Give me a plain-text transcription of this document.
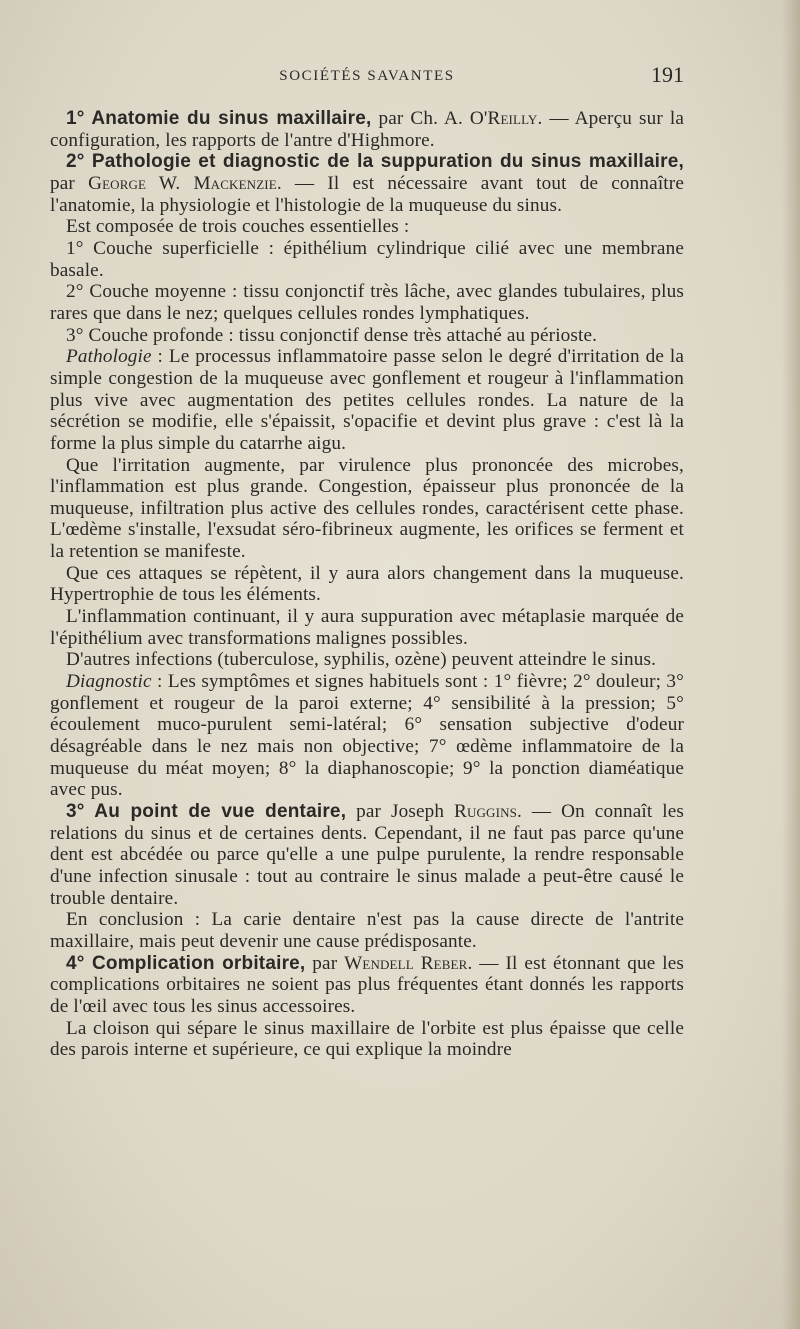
SOCIÉTÉS SAVANTES	191

1° Anatomie du sinus maxillaire, par Ch. A. O'Reilly. — Aperçu sur la configuration, les rapports de l'antre d'Highmore.

2° Pathologie et diagnostic de la suppuration du sinus maxillaire, par George W. Mackenzie. — Il est nécessaire avant tout de connaître l'anatomie, la physiologie et l'histologie de la muqueuse du sinus.

Est composée de trois couches essentielles :

1° Couche superficielle : épithélium cylindrique cilié avec une membrane basale.

2° Couche moyenne : tissu conjonctif très lâche, avec glandes tubulaires, plus rares que dans le nez; quelques cellules rondes lymphatiques.

3° Couche profonde : tissu conjonctif dense très attaché au périoste.

Pathologie : Le processus inflammatoire passe selon le degré d'irritation de la simple congestion de la muqueuse avec gonflement et rougeur à l'inflammation plus vive avec augmentation des petites cellules rondes. La nature de la sécrétion se modifie, elle s'épaissit, s'opacifie et devint plus grave : c'est là la forme la plus simple du catarrhe aigu.

Que l'irritation augmente, par virulence plus prononcée des microbes, l'inflammation est plus grande. Congestion, épaisseur plus prononcée de la muqueuse, infiltration plus active des cellules rondes, caractérisent cette phase. L'œdème s'installe, l'exsudat séro-fibrineux augmente, les orifices se ferment et la retention se manifeste.

Que ces attaques se répètent, il y aura alors changement dans la muqueuse. Hypertrophie de tous les éléments.

L'inflammation continuant, il y aura suppuration avec métaplasie marquée de l'épithélium avec transformations malignes possibles.

D'autres infections (tuberculose, syphilis, ozène) peuvent atteindre le sinus.

Diagnostic : Les symptômes et signes habituels sont : 1° fièvre; 2° douleur; 3° gonflement et rougeur de la paroi externe; 4° sensibilité à la pression; 5° écoulement muco-purulent semi-latéral; 6° sensation subjective d'odeur désagréable dans le nez mais non objective; 7° œdème inflammatoire de la muqueuse du méat moyen; 8° la diaphanoscopie; 9° la ponction diaméatique avec pus.

3° Au point de vue dentaire, par Joseph Ruggins. — On connaît les relations du sinus et de certaines dents. Cependant, il ne faut pas parce qu'une dent est abcédée ou parce qu'elle a une pulpe purulente, la rendre responsable d'une infection sinusale : tout au contraire le sinus malade a peut-être causé le trouble dentaire.

En conclusion : La carie dentaire n'est pas la cause directe de l'antrite maxillaire, mais peut devenir une cause prédisposante.

4° Complication orbitaire, par Wendell Reber. — Il est étonnant que les complications orbitaires ne soient pas plus fréquentes étant donnés les rapports de l'œil avec tous les sinus accessoires.

La cloison qui sépare le sinus maxillaire de l'orbite est plus épaisse que celle des parois interne et supérieure, ce qui explique la moindre
